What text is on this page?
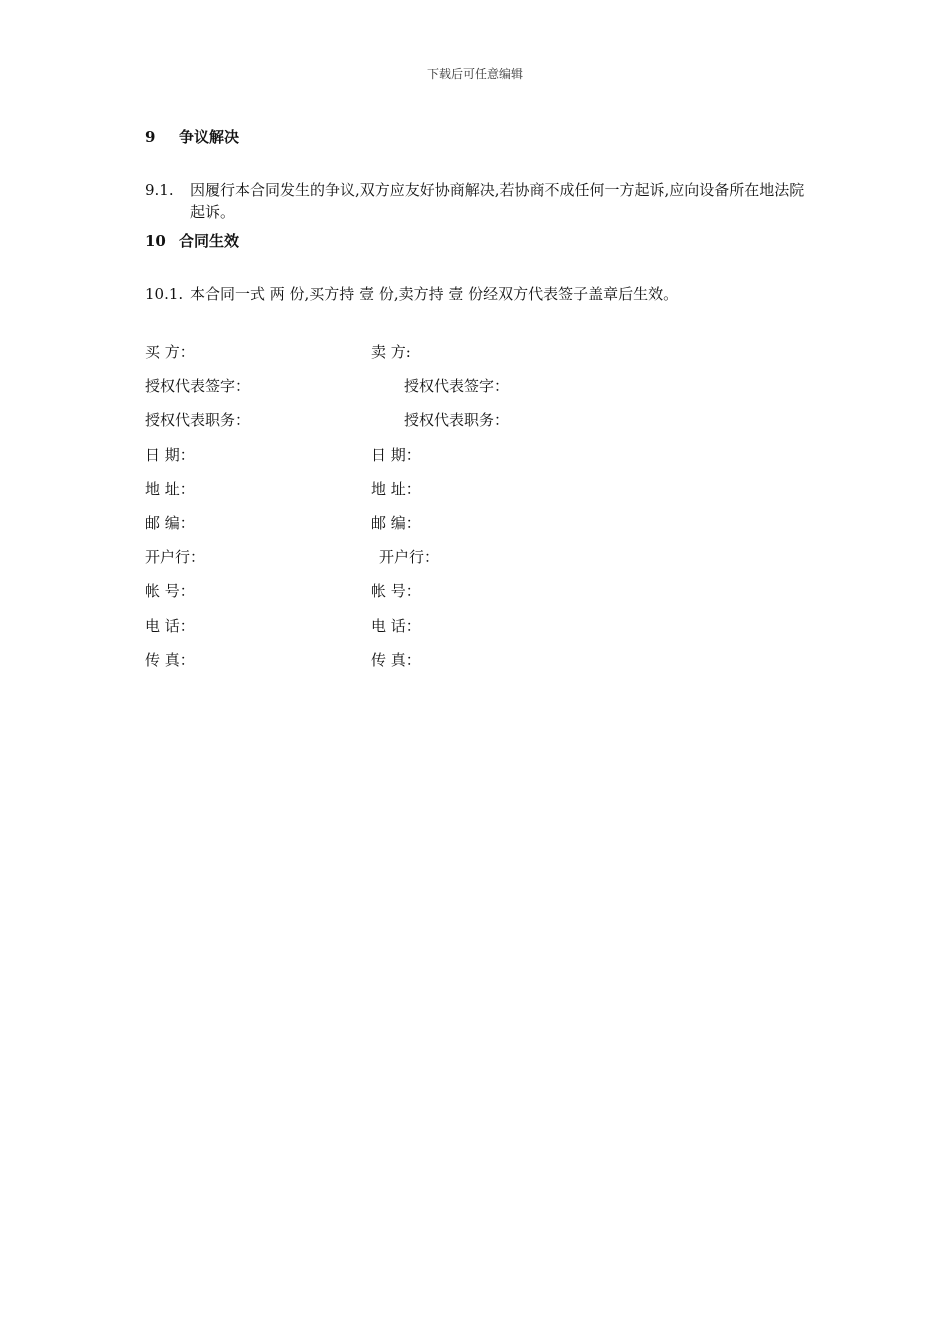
下载后可任意编辑
9 争议解决
9.1. 因履行本合同发生的争议,双方应友好协商解决,若协商不成任何一方起诉,应向设备所在地法院起诉。
10 合同生效
10.1. 本合同一式 两 份,买方持 壹 份,卖方持 壹 份经双方代表签子盖章后生效。
买 方：	卖 方:
授权代表签字：	授权代表签字：
授权代表职务：	授权代表职务：
日 期：	日 期：
地 址：	地 址：
邮 编：	邮 编：
开户行：	开户行：
帐 号：	帐 号：
电 话：	电 话：
传 真：	传 真：
